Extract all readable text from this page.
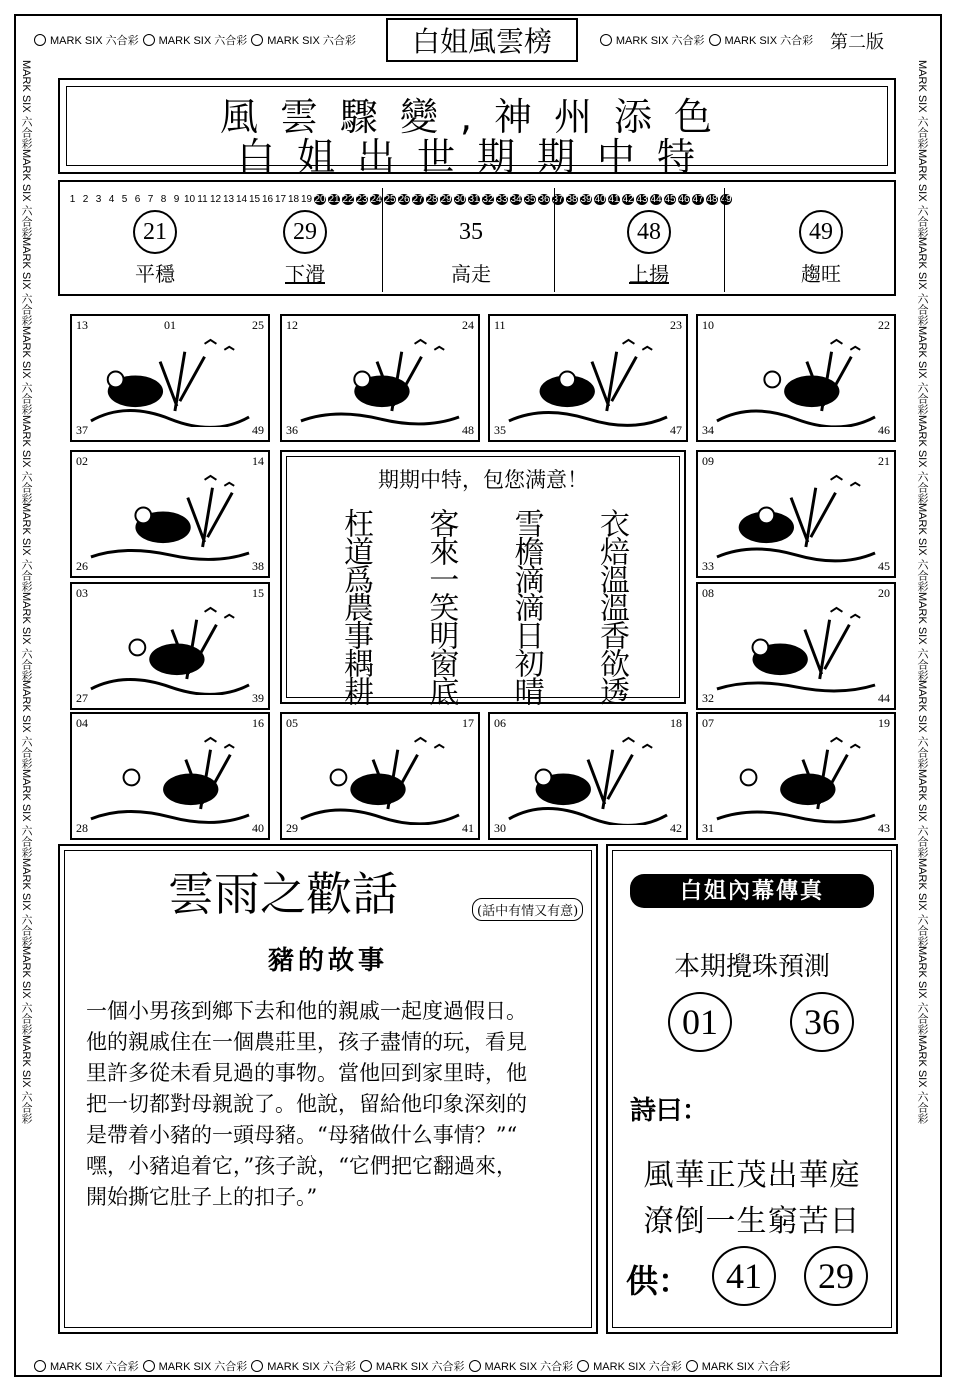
MARK SIX 六合彩 MARK SIX 六合彩 MARK SIX 六合彩	MARK SIX 六合彩 MARK SIX 六合彩
MARK SIX 六合彩 MARK SIX 六合彩 MARK SIX 六合彩 MARK SIX 六合彩 MARK SIX 六合彩 MARK SIX 六合彩 MARK SIX 六合彩
MARK SIX 六合彩
MARK SIX 六合彩
MARK SIX 六合彩
MARK SIX 六合彩
MARK SIX 六合彩
MARK SIX 六合彩
MARK SIX 六合彩
MARK SIX 六合彩
MARK SIX 六合彩
MARK SIX 六合彩
MARK SIX 六合彩
MARK SIX 六合彩
MARK SIX 六合彩
MARK SIX 六合彩
MARK SIX 六合彩
MARK SIX 六合彩
MARK SIX 六合彩
MARK SIX 六合彩
MARK SIX 六合彩
MARK SIX 六合彩
MARK SIX 六合彩
MARK SIX 六合彩
MARK SIX 六合彩
MARK SIX 六合彩
白姐風雲榜	第二版
風雲驟變,神州添色
白姐出世期期中特
1 2 3 4 5 6 7 8 9 10 11 12 13 14 15 16 17 18 19 20 21 22 23 24 25 26 27 28 29 30 31 32 33 34 35 36 37 38 39 40 41 42 43 44 45 46 47 48 49
21
平穩
29
下滑
35
高走
48
上揚
49
趨旺
13	01	25
37	49
12	24
36	48
11	23
35	47
10	22
34	46
02	14
26	38
09	21
33	45
03	15
27	39
08	20
32	44
04	16
28	40
05	17
29	41
06	18
30	42
07	19
31	43
期期中特，包您满意！
枉道爲農事耦耕 客來一笑明窗底 雪檐滴滴日初晴 衣焙溫溫香欲透
雲雨之歡話	(話中有情又有意)
豬的故事
一個小男孩到鄉下去和他的親戚一起度過假日。
他的親戚住在一個農莊里，孩子盡情的玩，看見
里許多從未看見過的事物。當他回到家里時，他
把一切都對母親說了。他說，留給他印象深刻的
是帶着小豬的一頭母豬。“母豬做什么事情？”“
嘿，小豬追着它，”孩子說，“它們把它翻過來，
開始撕它肚子上的扣子。”
白姐內幕傳真
本期攪珠預測
01	36
詩曰：
風華正茂出華庭
潦倒一生窮苦日
供： 41	29
